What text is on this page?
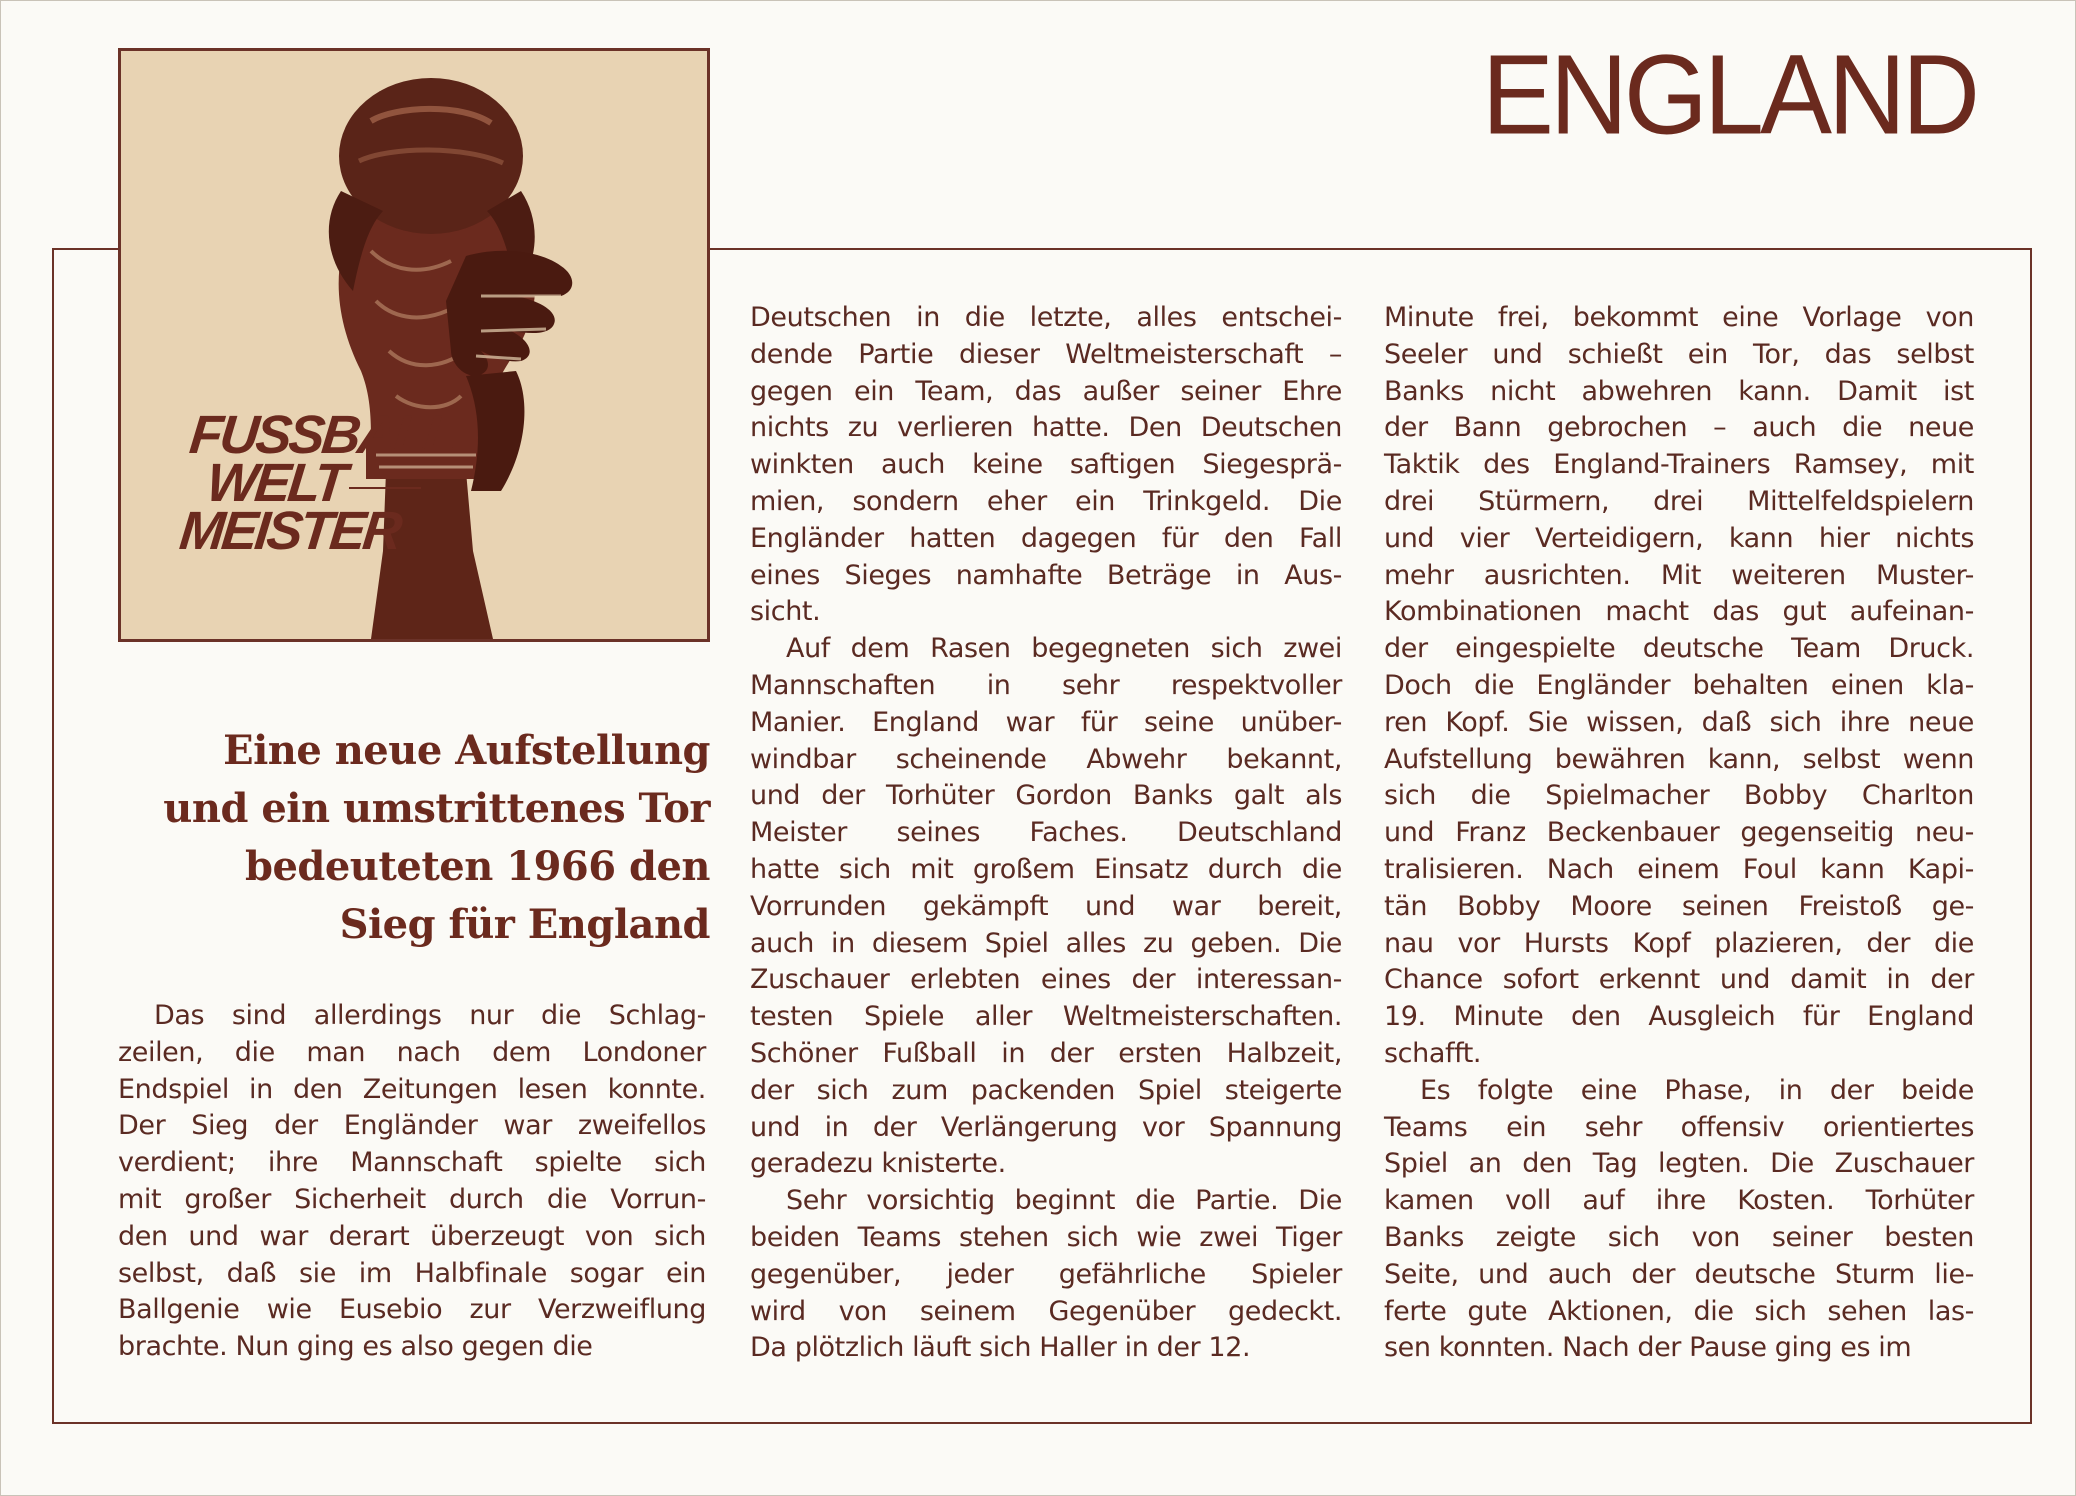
ENGLAND
FUSSBALL
WELT
MEISTER
Eine neue Aufstellung und ein umstrittenes Tor bedeuteten 1966 den Sieg für England

Das sind allerdings nur die Schlag-
zeilen, die man nach dem Londoner
Endspiel in den Zeitungen lesen konnte.
Der Sieg der Engländer war zweifellos
verdient; ihre Mannschaft spielte sich
mit großer Sicherheit durch die Vorrun-
den und war derart überzeugt von sich
selbst, daß sie im Halbfinale sogar ein
Ballgenie wie Eusebio zur Verzweiflung
brachte. Nun ging es also gegen die

Deutschen in die letzte, alles entschei-
dende Partie dieser Weltmeisterschaft –
gegen ein Team, das außer seiner Ehre
nichts zu verlieren hatte. Den Deutschen
winkten auch keine saftigen Siegesprä-
mien, sondern eher ein Trinkgeld. Die
Engländer hatten dagegen für den Fall
eines Sieges namhafte Beträge in Aus-
sicht.

Auf dem Rasen begegneten sich zwei
Mannschaften in sehr respektvoller
Manier. England war für seine unüber-
windbar scheinende Abwehr bekannt,
und der Torhüter Gordon Banks galt als
Meister seines Faches. Deutschland
hatte sich mit großem Einsatz durch die
Vorrunden gekämpft und war bereit,
auch in diesem Spiel alles zu geben. Die
Zuschauer erlebten eines der interessan-
testen Spiele aller Weltmeisterschaften.
Schöner Fußball in der ersten Halbzeit,
der sich zum packenden Spiel steigerte
und in der Verlängerung vor Spannung
geradezu knisterte.

Sehr vorsichtig beginnt die Partie. Die
beiden Teams stehen sich wie zwei Tiger
gegenüber, jeder gefährliche Spieler
wird von seinem Gegenüber gedeckt.
Da plötzlich läuft sich Haller in der 12.

Minute frei, bekommt eine Vorlage von
Seeler und schießt ein Tor, das selbst
Banks nicht abwehren kann. Damit ist
der Bann gebrochen – auch die neue
Taktik des England-Trainers Ramsey, mit
drei Stürmern, drei Mittelfeldspielern
und vier Verteidigern, kann hier nichts
mehr ausrichten. Mit weiteren Muster-
Kombinationen macht das gut aufeinan-
der eingespielte deutsche Team Druck.
Doch die Engländer behalten einen kla-
ren Kopf. Sie wissen, daß sich ihre neue
Aufstellung bewähren kann, selbst wenn
sich die Spielmacher Bobby Charlton
und Franz Beckenbauer gegenseitig neu-
tralisieren. Nach einem Foul kann Kapi-
tän Bobby Moore seinen Freistoß ge-
nau vor Hursts Kopf plazieren, der die
Chance sofort erkennt und damit in der
19. Minute den Ausgleich für England
schafft.

Es folgte eine Phase, in der beide
Teams ein sehr offensiv orientiertes
Spiel an den Tag legten. Die Zuschauer
kamen voll auf ihre Kosten. Torhüter
Banks zeigte sich von seiner besten
Seite, und auch der deutsche Sturm lie-
ferte gute Aktionen, die sich sehen las-
sen konnten. Nach der Pause ging es im
